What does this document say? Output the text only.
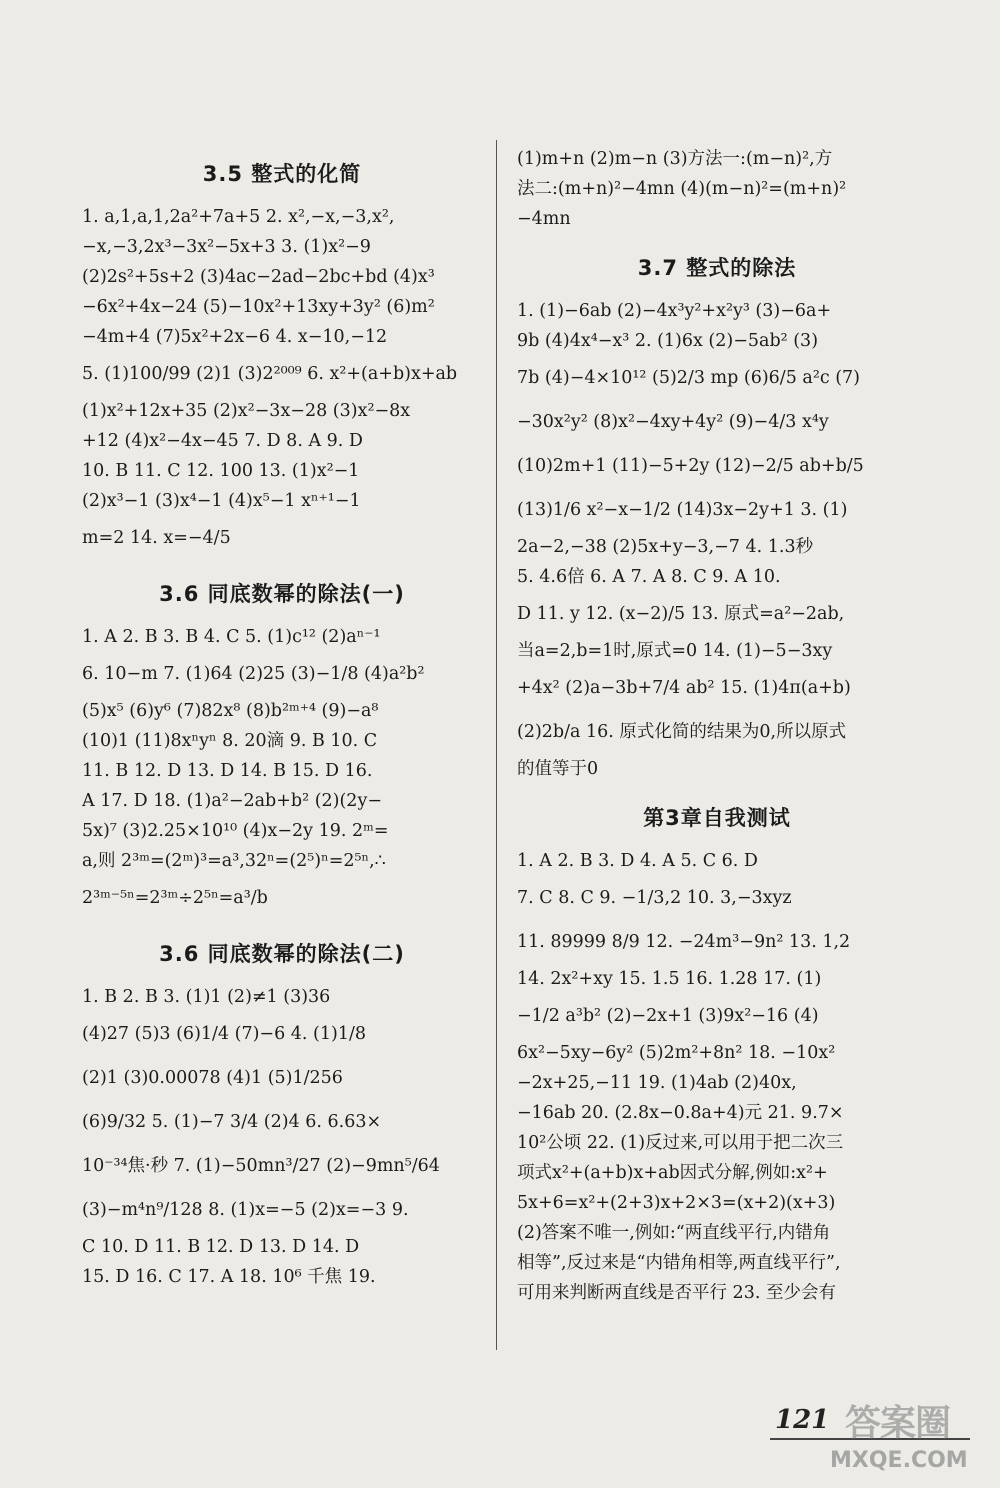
3.5 整式的化简
1. a,1,a,1,2a²+7a+5 2. x²,−x,−3,x²,
−x,−3,2x³−3x²−5x+3 3. (1)x²−9
(2)2s²+5s+2 (3)4ac−2ad−2bc+bd (4)x³
−6x²+4x−24 (5)−10x²+13xy+3y² (6)m²
−4m+4 (7)5x²+2x−6 4. x−10,−12
5. (1)100/99 (2)1 (3)2²⁰⁰⁹ 6. x²+(a+b)x+ab
(1)x²+12x+35 (2)x²−3x−28 (3)x²−8x
+12 (4)x²−4x−45 7. D 8. A 9. D
10. B 11. C 12. 100 13. (1)x²−1
(2)x³−1 (3)x⁴−1 (4)x⁵−1 xⁿ⁺¹−1
m=2 14. x=−4/5
3.6 同底数幂的除法(一)
1. A 2. B 3. B 4. C 5. (1)c¹² (2)aⁿ⁻¹
6. 10−m 7. (1)64 (2)25 (3)−1/8 (4)a²b²
(5)x⁵ (6)y⁶ (7)82x⁸ (8)b²ᵐ⁺⁴ (9)−a⁸
(10)1 (11)8xⁿyⁿ 8. 20滴 9. B 10. C
11. B 12. D 13. D 14. B 15. D 16.
A 17. D 18. (1)a²−2ab+b² (2)(2y−
5x)⁷ (3)2.25×10¹⁰ (4)x−2y 19. 2ᵐ=
a,则 2³ᵐ=(2ᵐ)³=a³,32ⁿ=(2⁵)ⁿ=2⁵ⁿ,∴
2³ᵐ⁻⁵ⁿ=2³ᵐ÷2⁵ⁿ=a³/b
3.6 同底数幂的除法(二)
1. B 2. B 3. (1)1 (2)≠1 (3)36
(4)27 (5)3 (6)1/4 (7)−6 4. (1)1/8
(2)1 (3)0.00078 (4)1 (5)1/256
(6)9/32 5. (1)−7 3/4 (2)4 6. 6.63×
10⁻³⁴焦·秒 7. (1)−50mn³/27 (2)−9mn⁵/64
(3)−m⁴n⁹/128 8. (1)x=−5 (2)x=−3 9.
C 10. D 11. B 12. D 13. D 14. D
15. D 16. C 17. A 18. 10⁶ 千焦 19.
(1)m+n (2)m−n (3)方法一:(m−n)²,方
法二:(m+n)²−4mn (4)(m−n)²=(m+n)²
−4mn
3.7 整式的除法
1. (1)−6ab (2)−4x³y²+x²y³ (3)−6a+
9b (4)4x⁴−x³ 2. (1)6x (2)−5ab² (3)
7b (4)−4×10¹² (5)2/3 mp (6)6/5 a²c (7)
−30x²y² (8)x²−4xy+4y² (9)−4/3 x⁴y
(10)2m+1 (11)−5+2y (12)−2/5 ab+b/5
(13)1/6 x²−x−1/2 (14)3x−2y+1 3. (1)
2a−2,−38 (2)5x+y−3,−7 4. 1.3秒
5. 4.6倍 6. A 7. A 8. C 9. A 10.
D 11. y 12. (x−2)/5 13. 原式=a²−2ab,
当a=2,b=1时,原式=0 14. (1)−5−3xy
+4x² (2)a−3b+7/4 ab² 15. (1)4π(a+b)
(2)2b/a 16. 原式化简的结果为0,所以原式
的值等于0
第3章自我测试
1. A 2. B 3. D 4. A 5. C 6. D
7. C 8. C 9. −1/3,2 10. 3,−3xyz
11. 89999 8/9 12. −24m³−9n² 13. 1,2
14. 2x²+xy 15. 1.5 16. 1.28 17. (1)
−1/2 a³b² (2)−2x+1 (3)9x²−16 (4)
6x²−5xy−6y² (5)2m²+8n² 18. −10x²
−2x+25,−11 19. (1)4ab (2)40x,
−16ab 20. (2.8x−0.8a+4)元 21. 9.7×
10²公顷 22. (1)反过来,可以用于把二次三
项式x²+(a+b)x+ab因式分解,例如:x²+
5x+6=x²+(2+3)x+2×3=(x+2)(x+3)
(2)答案不唯一,例如:“两直线平行,内错角
相等”,反过来是“内错角相等,两直线平行”,
可用来判断两直线是否平行 23. 至少会有
121 答案圈
MXQE.COM
